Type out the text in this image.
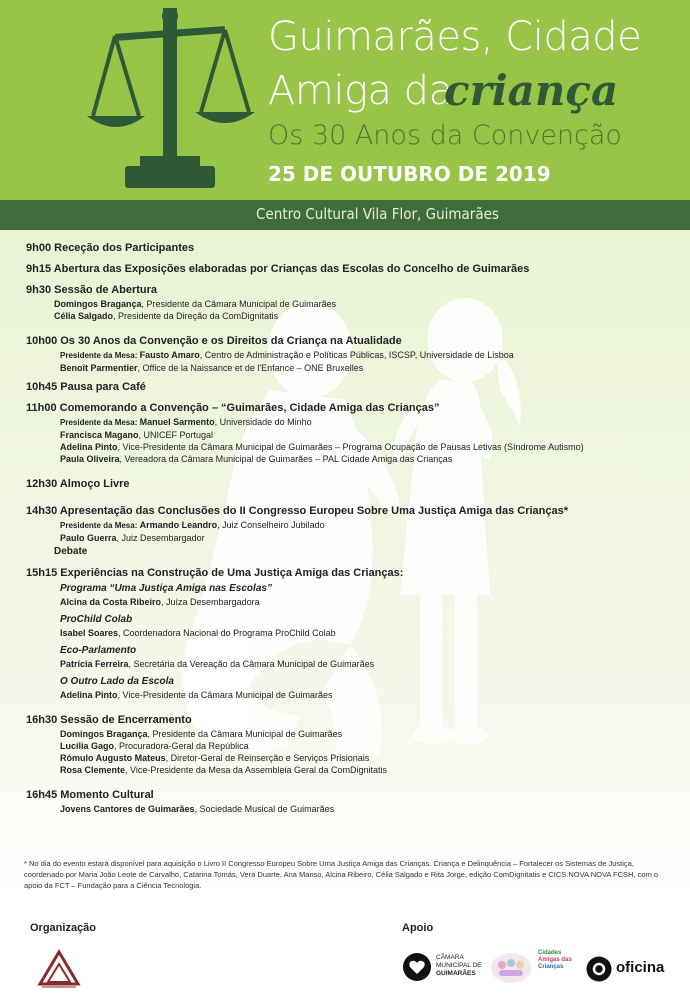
Guimarães, Cidade
Amiga da
criança
Os 30 Anos da Convenção
25 DE OUTUBRO DE 2019
Centro Cultural Vila Flor, Guimarães
9h00 Receção dos Participantes
9h15 Abertura das Exposições elaboradas por Crianças das Escolas do Concelho de Guimarães
9h30 Sessão de Abertura
Domingos Bragança, Presidente da Câmara Municipal de Guimarães
Célia Salgado, Presidente da Direção da ComDignitatis
10h00 Os 30 Anos da Convenção e os Direitos da Criança na Atualidade
Presidente da Mesa: Fausto Amaro, Centro de Administração e Políticas Públicas, ISCSP, Universidade de Lisboa
Benoît Parmentier, Office de la Naissance et de l'Enfance – ONE Bruxelles
10h45 Pausa para Café
11h00 Comemorando a Convenção – “Guimarães, Cidade Amiga das Crianças”
Presidente da Mesa: Manuel Sarmento, Universidade do Minho
Francisca Magano, UNICEF Portugal
Adelina Pinto, Vice-Presidente da Câmara Municipal de Guimarães – Programa Ocupação de Pausas Letivas (Síndrome Autismo)
Paula Oliveira, Vereadora da Câmara Municipal de Guimarães – PAL Cidade Amiga das Crianças
12h30 Almoço Livre
14h30 Apresentação das Conclusões do II Congresso Europeu Sobre Uma Justiça Amiga das Crianças*
Presidente da Mesa: Armando Leandro, Juiz Conselheiro Jubilado
Paulo Guerra, Juiz Desembargador
Debate
15h15 Experiências na Construção de Uma Justiça Amiga das Crianças:
Programa “Uma Justiça Amiga nas Escolas”
Alcina da Costa Ribeiro, Juíza Desembargadora
ProChild Colab
Isabel Soares, Coordenadora Nacional do Programa ProChild Colab
Eco-Parlamento
Patrícia Ferreira, Secretária da Vereação da Câmara Municipal de Guimarães
O Outro Lado da Escola
Adelina Pinto, Vice-Presidente da Câmara Municipal de Guimarães
16h30 Sessão de Encerramento
Domingos Bragança, Presidente da Câmara Municipal de Guimarães
Lucília Gago, Procuradora-Geral da República
Rómulo Augusto Mateus, Diretor-Geral de Reinserção e Serviços Prisionais
Rosa Clemente, Vice-Presidente da Mesa da Assembleia Geral da ComDignitatis
16h45 Momento Cultural
Jovens Cantores de Guimarães, Sociedade Musical de Guimarães
* No dia do evento estará disponível para aquisição o Livro II Congresso Europeu Sobre Uma Justiça Amiga das Crianças. Criança e Delinquência – Fortalecer os Sistemas de Justiça, coordenado por Maria João Leote de Carvalho, Catarina Tomás, Vera Duarte, Ana Manso, Alcina Ribeiro, Célia Salgado e Rita Jorge, edição ComDignitatis e CICS.NOVA NOVA FCSH, com o apoio da FCT – Fundação para a Ciência Tecnologia.
Organização	Apoio
CÂMARA
MUNICIPAL DE
GUIMARÃES
Cidades
Amigas das
Crianças	oficina
